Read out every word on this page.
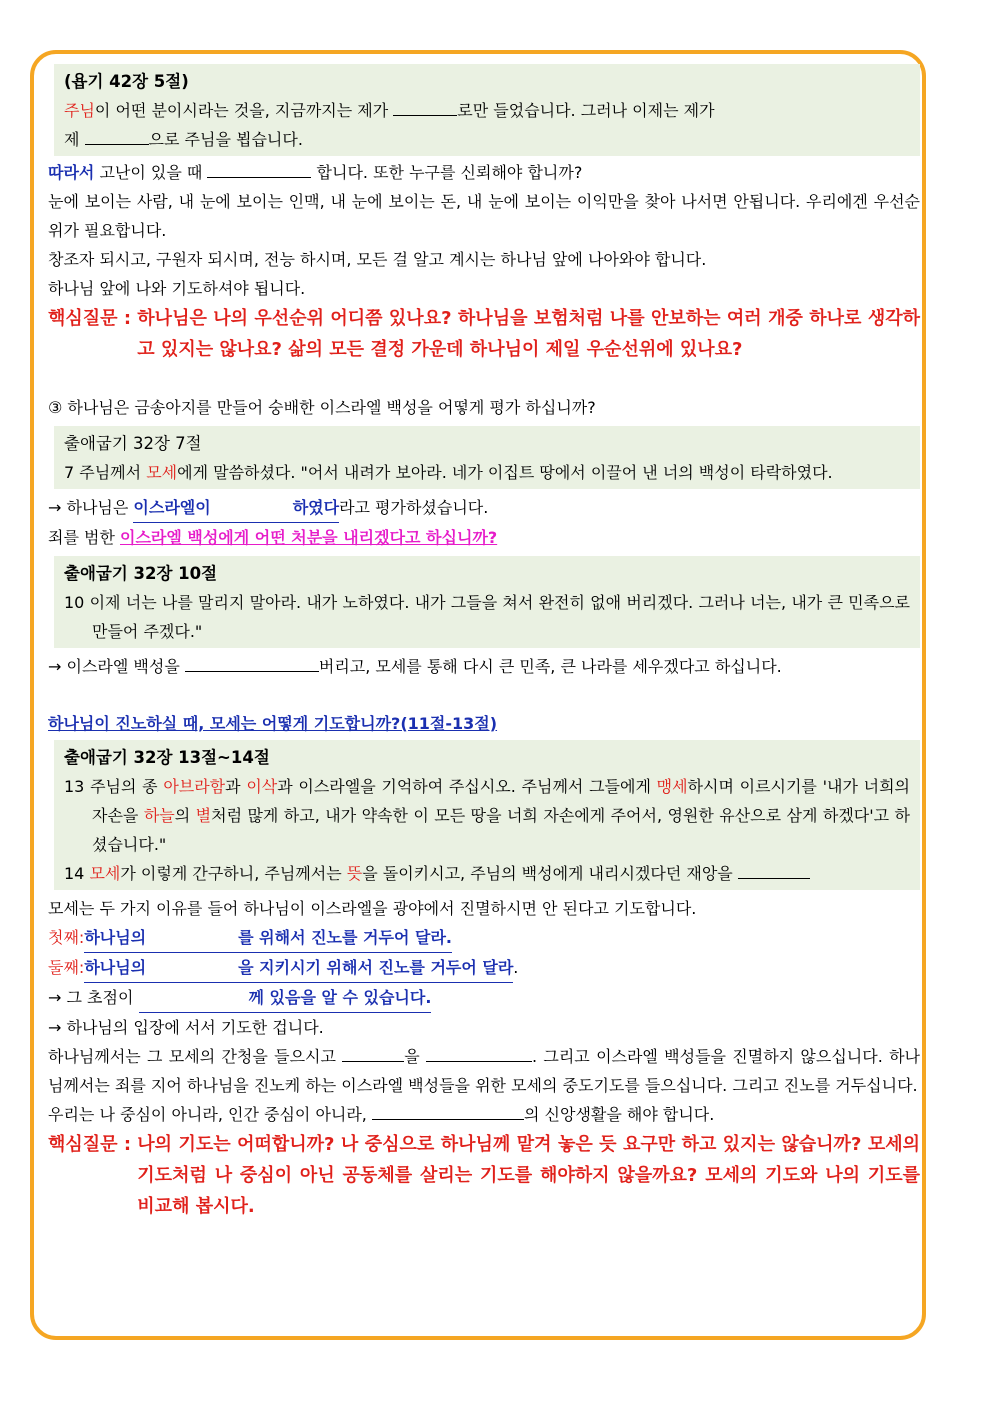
(욥기 42장 5절)
주님이 어떤 분이시라는 것을, 지금까지는 제가	로만 들었습니다. 그러나 이제는 제가
제	으로 주님을 뵙습니다.
따라서 고난이 있을 때	합니다. 또한 누구를 신뢰해야 합니까?
눈에 보이는 사람, 내 눈에 보이는 인맥, 내 눈에 보이는 돈, 내 눈에 보이는 이익만을 찾아 나서면 안됩니다. 우리에겐 우선순위가 필요합니다.
창조자 되시고, 구원자 되시며, 전능 하시며, 모든 걸 알고 계시는 하나님 앞에 나아와야 합니다.
하나님 앞에 나와 기도하셔야 됩니다.
핵심질문 : 하나님은 나의 우선순위 어디쯤 있나요? 하나님을 보험처럼 나를 안보하는 여러 개중 하나로 생각하고 있지는 않나요? 삶의 모든 결정 가운데 하나님이 제일 우순선위에 있나요?
③ 하나님은 금송아지를 만들어 숭배한 이스라엘 백성을 어떻게 평가 하십니까?
출애굽기 32장 7절
7 주님께서 모세에게 말씀하셨다. "어서 내려가 보아라. 네가 이집트 땅에서 이끌어 낸 너의 백성이 타락하였다.
→ 하나님은 이스라엘이	하였다라고 평가하셨습니다.
죄를 범한 이스라엘 백성에게 어떤 처분을 내리겠다고 하십니까?
출애굽기 32장 10절
10 이제 너는 나를 말리지 말아라. 내가 노하였다. 내가 그들을 쳐서 완전히 없애 버리겠다. 그러나 너는, 내가 큰 민족으로 만들어 주겠다."
→ 이스라엘 백성을	버리고, 모세를 통해 다시 큰 민족, 큰 나라를 세우겠다고 하십니다.
하나님이 진노하실 때, 모세는 어떻게 기도합니까?(11절-13절)
출애굽기 32장 13절~14절
13 주님의 종 아브라함과 이삭과 이스라엘을 기억하여 주십시오. 주님께서 그들에게 맹세하시며 이르시기를 '내가 너희의 자손을 하늘의 별처럼 많게 하고, 내가 약속한 이 모든 땅을 너희 자손에게 주어서, 영원한 유산으로 삼게 하겠다'고 하셨습니다."
14 모세가 이렇게 간구하니, 주님께서는 뜻을 돌이키시고, 주님의 백성에게 내리시겠다던 재앙을
모세는 두 가지 이유를 들어 하나님이 이스라엘을 광야에서 진멸하시면 안 된다고 기도합니다.
첫째:하나님의	를 위해서 진노를 거두어 달라.
둘째:하나님의	을 지키시기 위해서 진노를 거두어 달라.
→ 그 초점이	께 있음을 알 수 있습니다.
→ 하나님의 입장에 서서 기도한 겁니다.
하나님께서는 그 모세의 간청을 들으시고	을	. 그리고 이스라엘 백성들을 진멸하지 않으십니다. 하나님께서는 죄를 지어 하나님을 진노케 하는 이스라엘 백성들을 위한 모세의 중도기도를 들으십니다. 그리고 진노를 거두십니다.
우리는 나 중심이 아니라, 인간 중심이 아니라,	의 신앙생활을 해야 합니다.
핵심질문 : 나의 기도는 어떠합니까? 나 중심으로 하나님께 맡겨 놓은 듯 요구만 하고 있지는 않습니까? 모세의 기도처럼 나 중심이 아닌 공동체를 살리는 기도를 해야하지 않을까요? 모세의 기도와 나의 기도를 비교해 봅시다.
